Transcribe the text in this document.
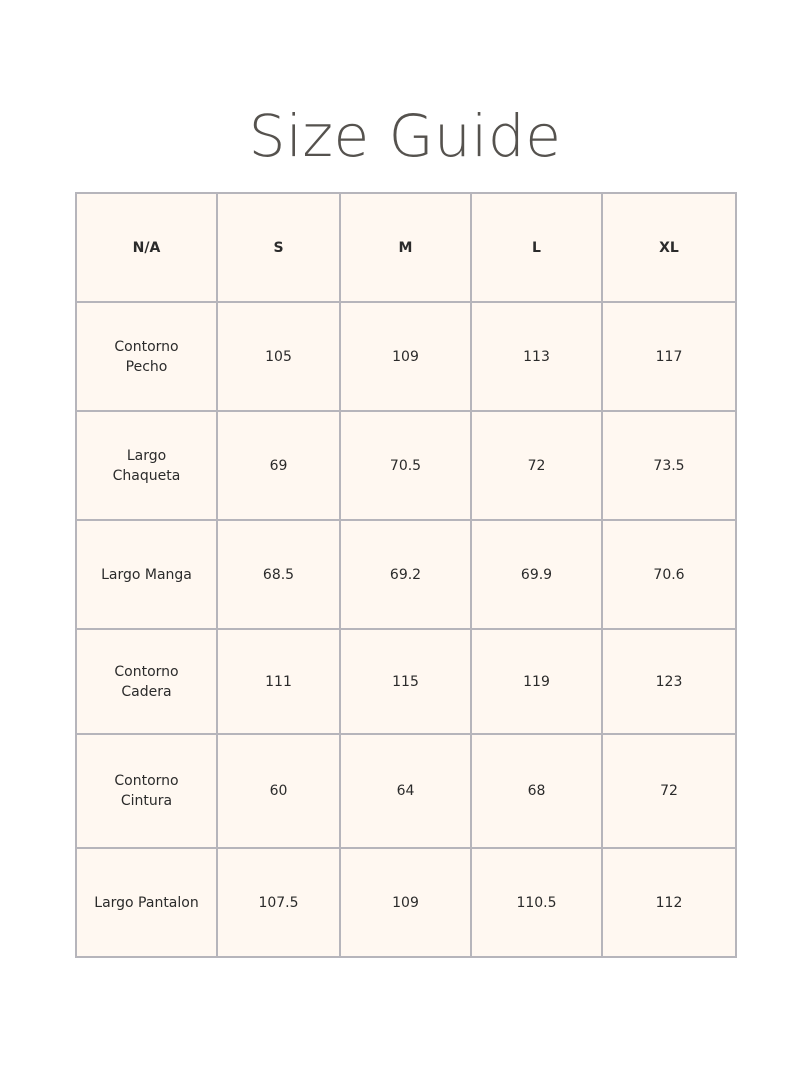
Size Guide
N/A	S	M	L	XL
Contorno Pecho	105	109	113	117
Largo Chaqueta	69	70.5	72	73.5
Largo Manga	68.5	69.2	69.9	70.6
Contorno Cadera	111	115	119	123
Contorno Cintura	60	64	68	72
Largo Pantalon	107.5	109	110.5	112
